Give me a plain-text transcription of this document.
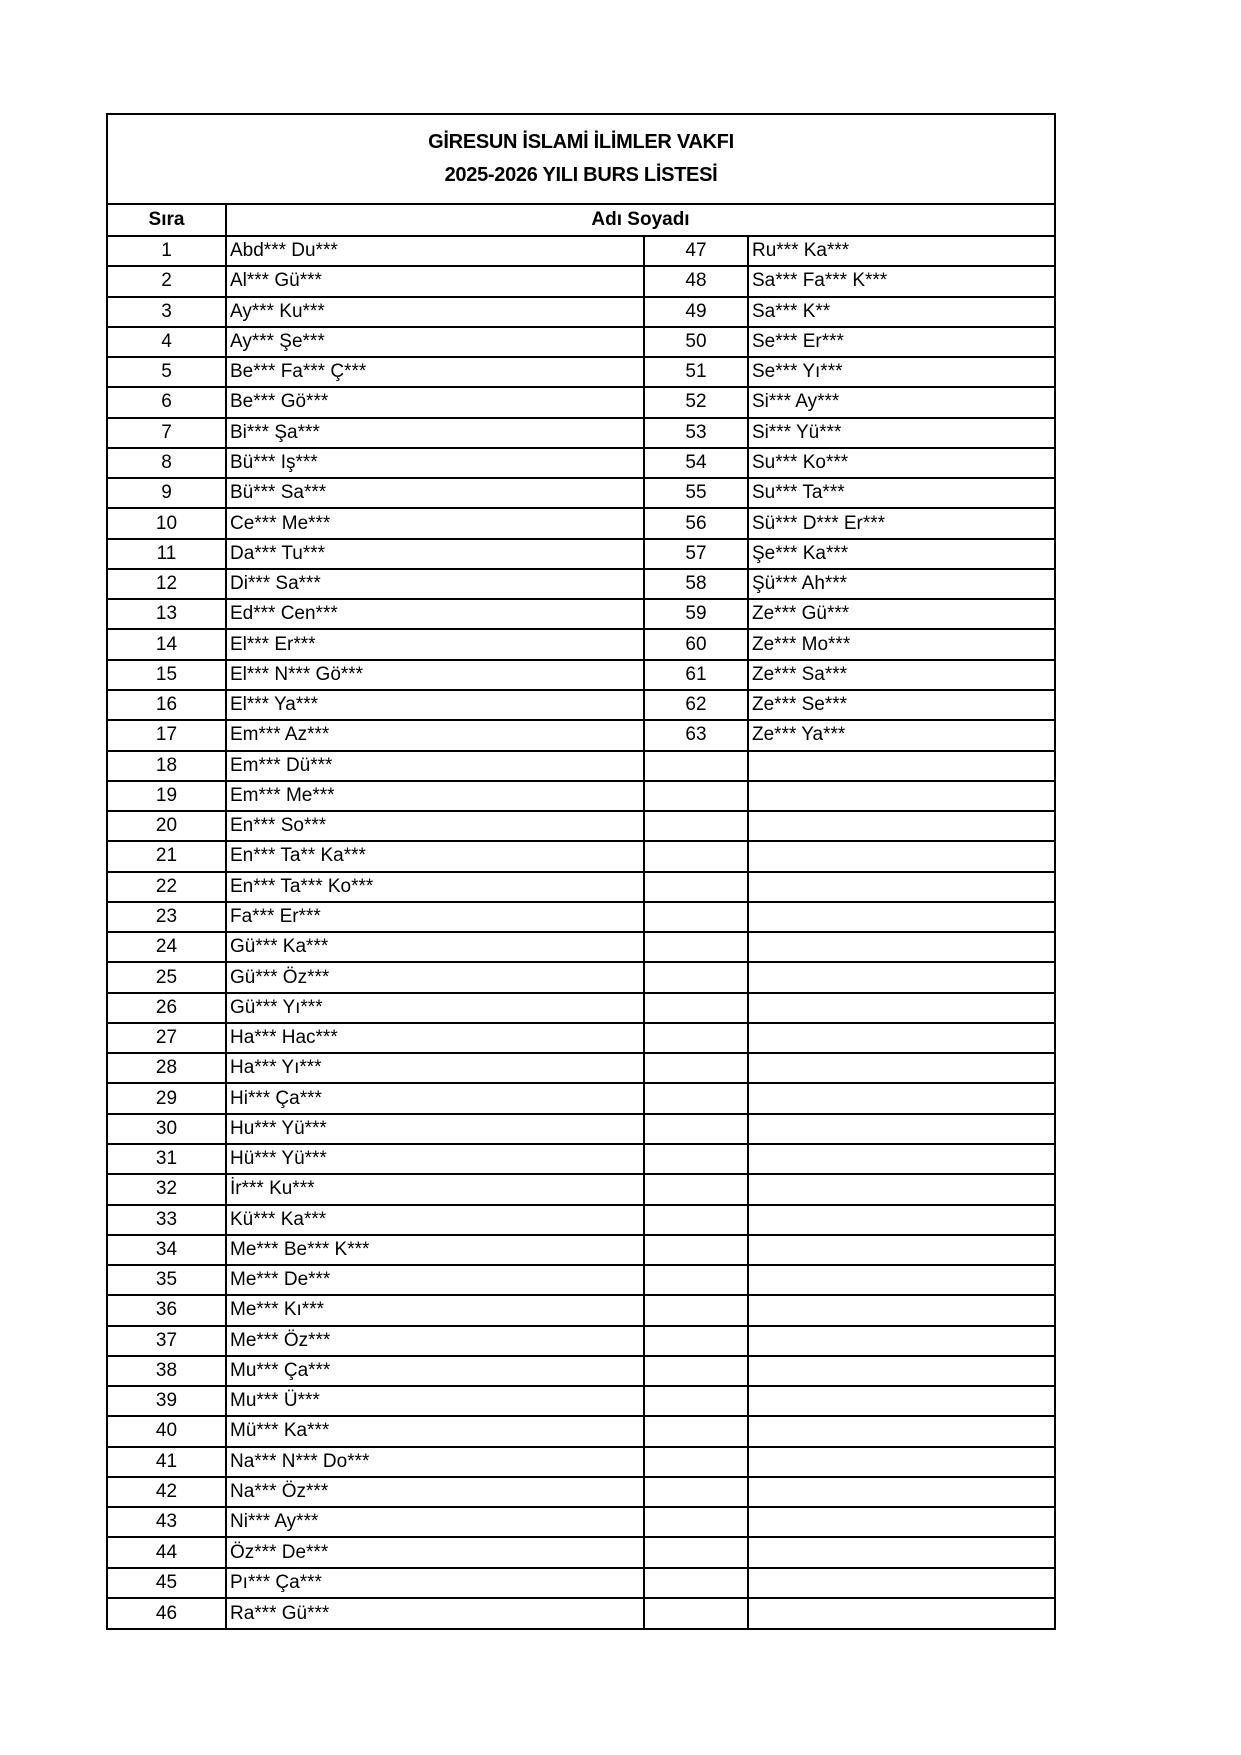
GİRESUN İSLAMİ İLİMLER VAKFI
2025-2026 YILI BURS LİSTESİ
Sıra	Adı Soyadı		
1	Abd*** Du***	47	Ru*** Ka***
2	Al*** Gü***	48	Sa*** Fa*** K***
3	Ay*** Ku***	49	Sa*** K**
4	Ay*** Şe***	50	Se*** Er***
5	Be*** Fa*** Ç***	51	Se*** Yı***
6	Be*** Gö***	52	Si*** Ay***
7	Bi*** Şa***	53	Si*** Yü***
8	Bü*** Iş***	54	Su*** Ko***
9	Bü*** Sa***	55	Su*** Ta***
10	Ce*** Me***	56	Sü*** D*** Er***
11	Da*** Tu***	57	Şe*** Ka***
12	Di*** Sa***	58	Şü*** Ah***
13	Ed*** Cen***	59	Ze*** Gü***
14	El*** Er***	60	Ze*** Mo***
15	El*** N*** Gö***	61	Ze*** Sa***
16	El*** Ya***	62	Ze*** Se***
17	Em*** Az***	63	Ze*** Ya***
18	Em*** Dü***		
19	Em*** Me***		
20	En*** So***		
21	En*** Ta** Ka***		
22	En*** Ta*** Ko***		
23	Fa*** Er***		
24	Gü*** Ka***		
25	Gü*** Öz***		
26	Gü*** Yı***		
27	Ha*** Hac***		
28	Ha*** Yı***		
29	Hi*** Ça***		
30	Hu*** Yü***		
31	Hü*** Yü***		
32	İr*** Ku***		
33	Kü*** Ka***		
34	Me*** Be*** K***		
35	Me*** De***		
36	Me*** Kı***		
37	Me*** Öz***		
38	Mu*** Ça***		
39	Mu*** Ü***		
40	Mü*** Ka***		
41	Na*** N*** Do***		
42	Na*** Öz***		
43	Ni*** Ay***		
44	Öz*** De***		
45	Pı*** Ça***		
46	Ra*** Gü***		
